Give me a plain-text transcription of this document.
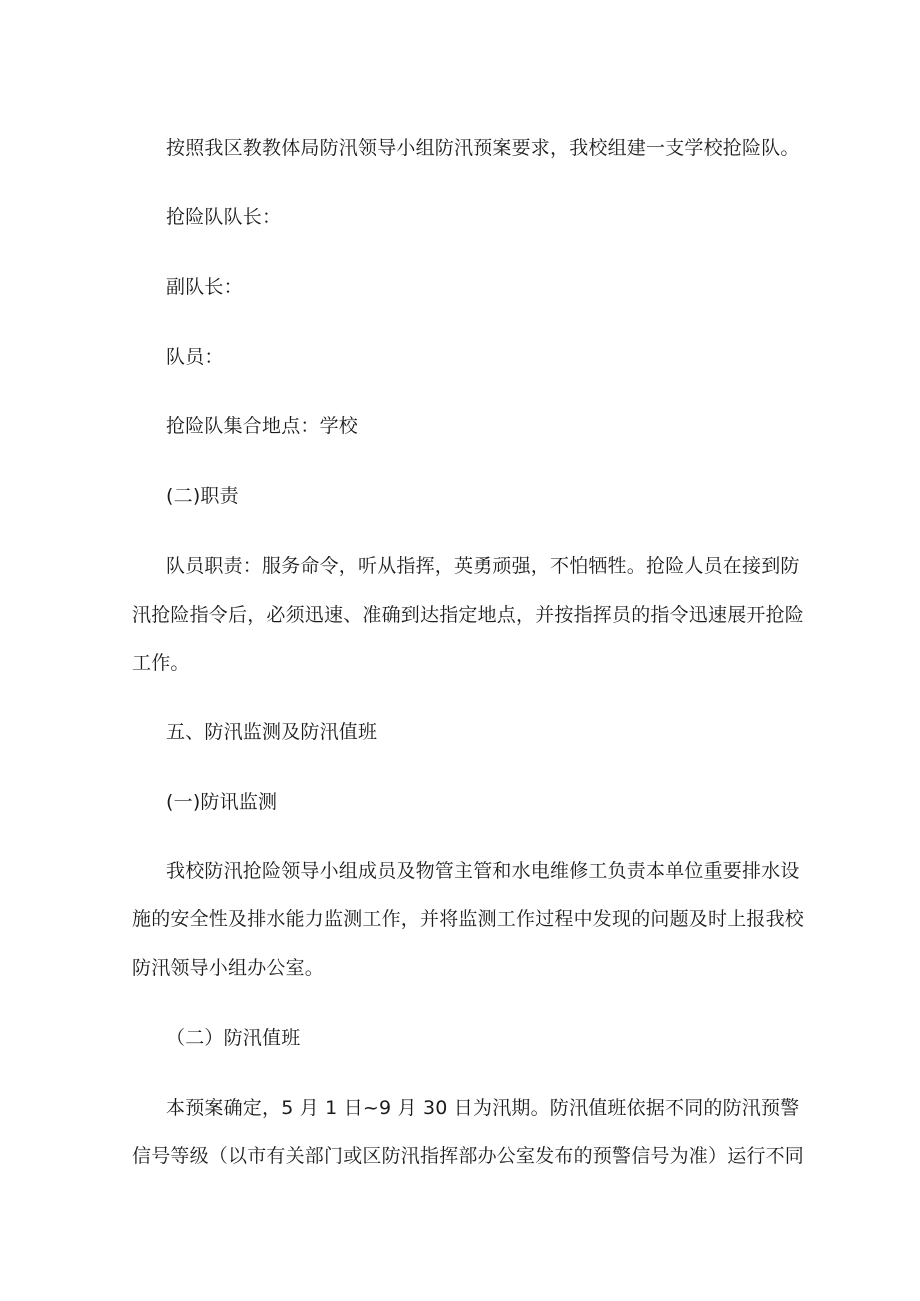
按照我区教教体局防汛领导小组防汛预案要求，我校组建一支学校抢险队。
抢险队队长：
副队长：
队员：
抢险队集合地点：学校
(二)职责
队员职责：服务命令，听从指挥，英勇顽强，不怕牺牲。抢险人员在接到防
汛抢险指令后，必须迅速、准确到达指定地点，并按指挥员的指令迅速展开抢险
工作。
五、防汛监测及防汛值班
(一)防讯监测
我校防汛抢险领导小组成员及物管主管和水电维修工负责本单位重要排水设
施的安全性及排水能力监测工作，并将监测工作过程中发现的问题及时上报我校
防汛领导小组办公室。
（二）防汛值班
本预案确定，5 月 1 日~9 月 30 日为汛期。防汛值班依据不同的防汛预警
信号等级（以市有关部门或区防汛指挥部办公室发布的预警信号为准）运行不同
